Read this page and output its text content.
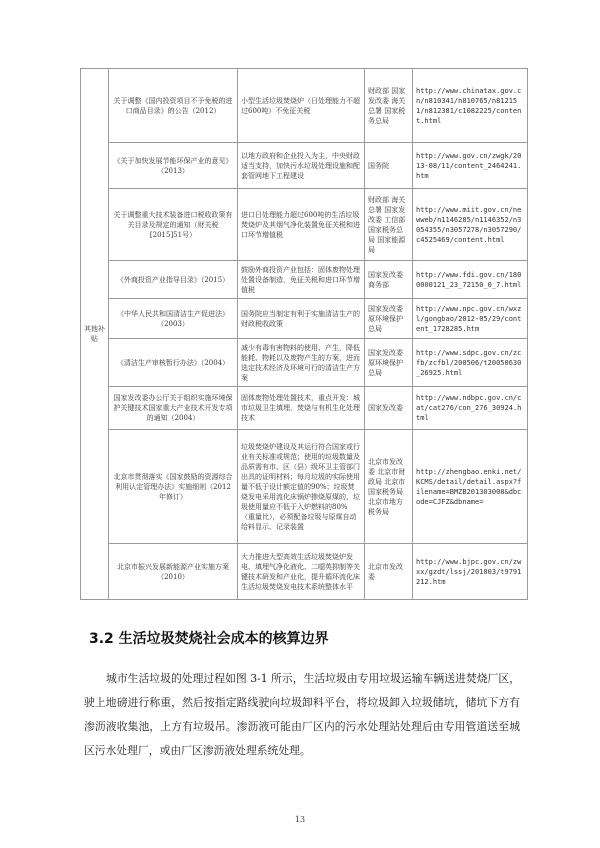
其他补贴	关于调整《国内投资项目不予免税的进口商品目录》的公告（2012）	小型生活垃圾焚烧炉（日处理能力不超过600吨）不免征关税	财政部 国家发改委 海关总署 国家税务总局	http://www.chinatax.gov.cn/n810341/n810765/n812151/n812381/c1082225/content.html
	《关于加快发展节能环保产业的意见》（2013）	以地方政府和企业投入为主，中央财政适当支持，加快污水垃圾处理设施和配套管网地下工程建设	国务院	http://www.gov.cn/zwgk/2013-08/11/content_2464241.htm
	关于调整重大技术装备进口税收政策有关目录及规定的通知（财关税[2015]51号）	进口日处理能力超过600吨的生活垃圾焚烧炉及其烟气净化装置免征关税和进口环节增值税	财政部 海关总署 国家发改委 工信部 国家税务总局 国家能源局	http://www.miit.gov.cn/newweb/n1146285/n1146352/n3054355/n3057278/n3057290/c4525469/content.html
	《外商投资产业指导目录》（2015）	鼓励外商投资产业包括：固体废物处理处置设备制造，免征关税和进口环节增值税	国家发改委 商务部	http://www.fdi.gov.cn/1800000121_23_72150_0_7.html
	《中华人民共和国清洁生产促进法》（2003）	国务院应当制定有利于实施清洁生产的财政税收政策	国家发改委 原环境保护总局	http://www.npc.gov.cn/wxzl/gongbao/2012-05/29/content_1728285.htm
	《清洁生产审核暂行办法》（2004）	减少有毒有害物料的使用、产生，降低能耗、物耗以及废物产生的方案，进而选定技术经济及环境可行的清洁生产方案	国家发改委 原环境保护总局	http://www.sdpc.gov.cn/zcfb/zcfbl/200506/t20050630_26925.html
	国家发改委办公厅关于组织实施环境保护关键技术国家重大产业技术开发专项的通知（2004）	固体废物处理处置技术，重点开发：城市垃圾卫生填埋、焚烧与有机生化处理技术	国家发改委	http://www.ndbpc.gov.cn/cat/cat276/con_276_30924.html
	北京市贯彻落实《国家鼓励的资源综合利用认定管理办法》实施细则（2012年修订）	垃圾焚烧炉建设及其运行符合国家或行业有关标准或规范；使用的垃圾数量及品质需有市、区（县）级环卫主管部门出具的证明材料；每月垃圾的实际使用量不低于设计额定值的90%；垃圾焚烧发电采用流化床锅炉掺烧原煤的，垃圾使用量应不低于入炉燃料的80%（重量比），必须配备垃圾与原煤自动给料显示、记录装置	北京市发改委 北京市财政局 北京市国家税务局 北京市地方税务局	http://zhengbao.enki.net/KCMS/detail/detail.aspx?filename=BMZB201303008&dbcode=CJFZ&dbname=
	北京市振兴发展新能源产业实施方案（2010）	大力推进大型高效生活垃圾焚烧炉发电、填埋气净化液化、二噁英抑制等关键技术研发和产业化，提升循环流化床生活垃圾焚烧发电技术系统整体水平	北京市发改委	http://www.bjpc.gov.cn/zwxx/gzdt/lssj/201003/t9791212.htm
3.2 生活垃圾焚烧社会成本的核算边界
城市生活垃圾的处理过程如图 3-1 所示，生活垃圾由专用垃圾运输车辆送进焚烧厂区，驶上地磅进行称重，然后按指定路线驶向垃圾卸料平台，将垃圾卸入垃圾储坑，储坑下方有渗沥液收集池，上方有垃圾吊。渗沥液可能由厂区内的污水处理站处理后由专用管道送至城区污水处理厂，或由厂区渗沥液处理系统处理。
13
